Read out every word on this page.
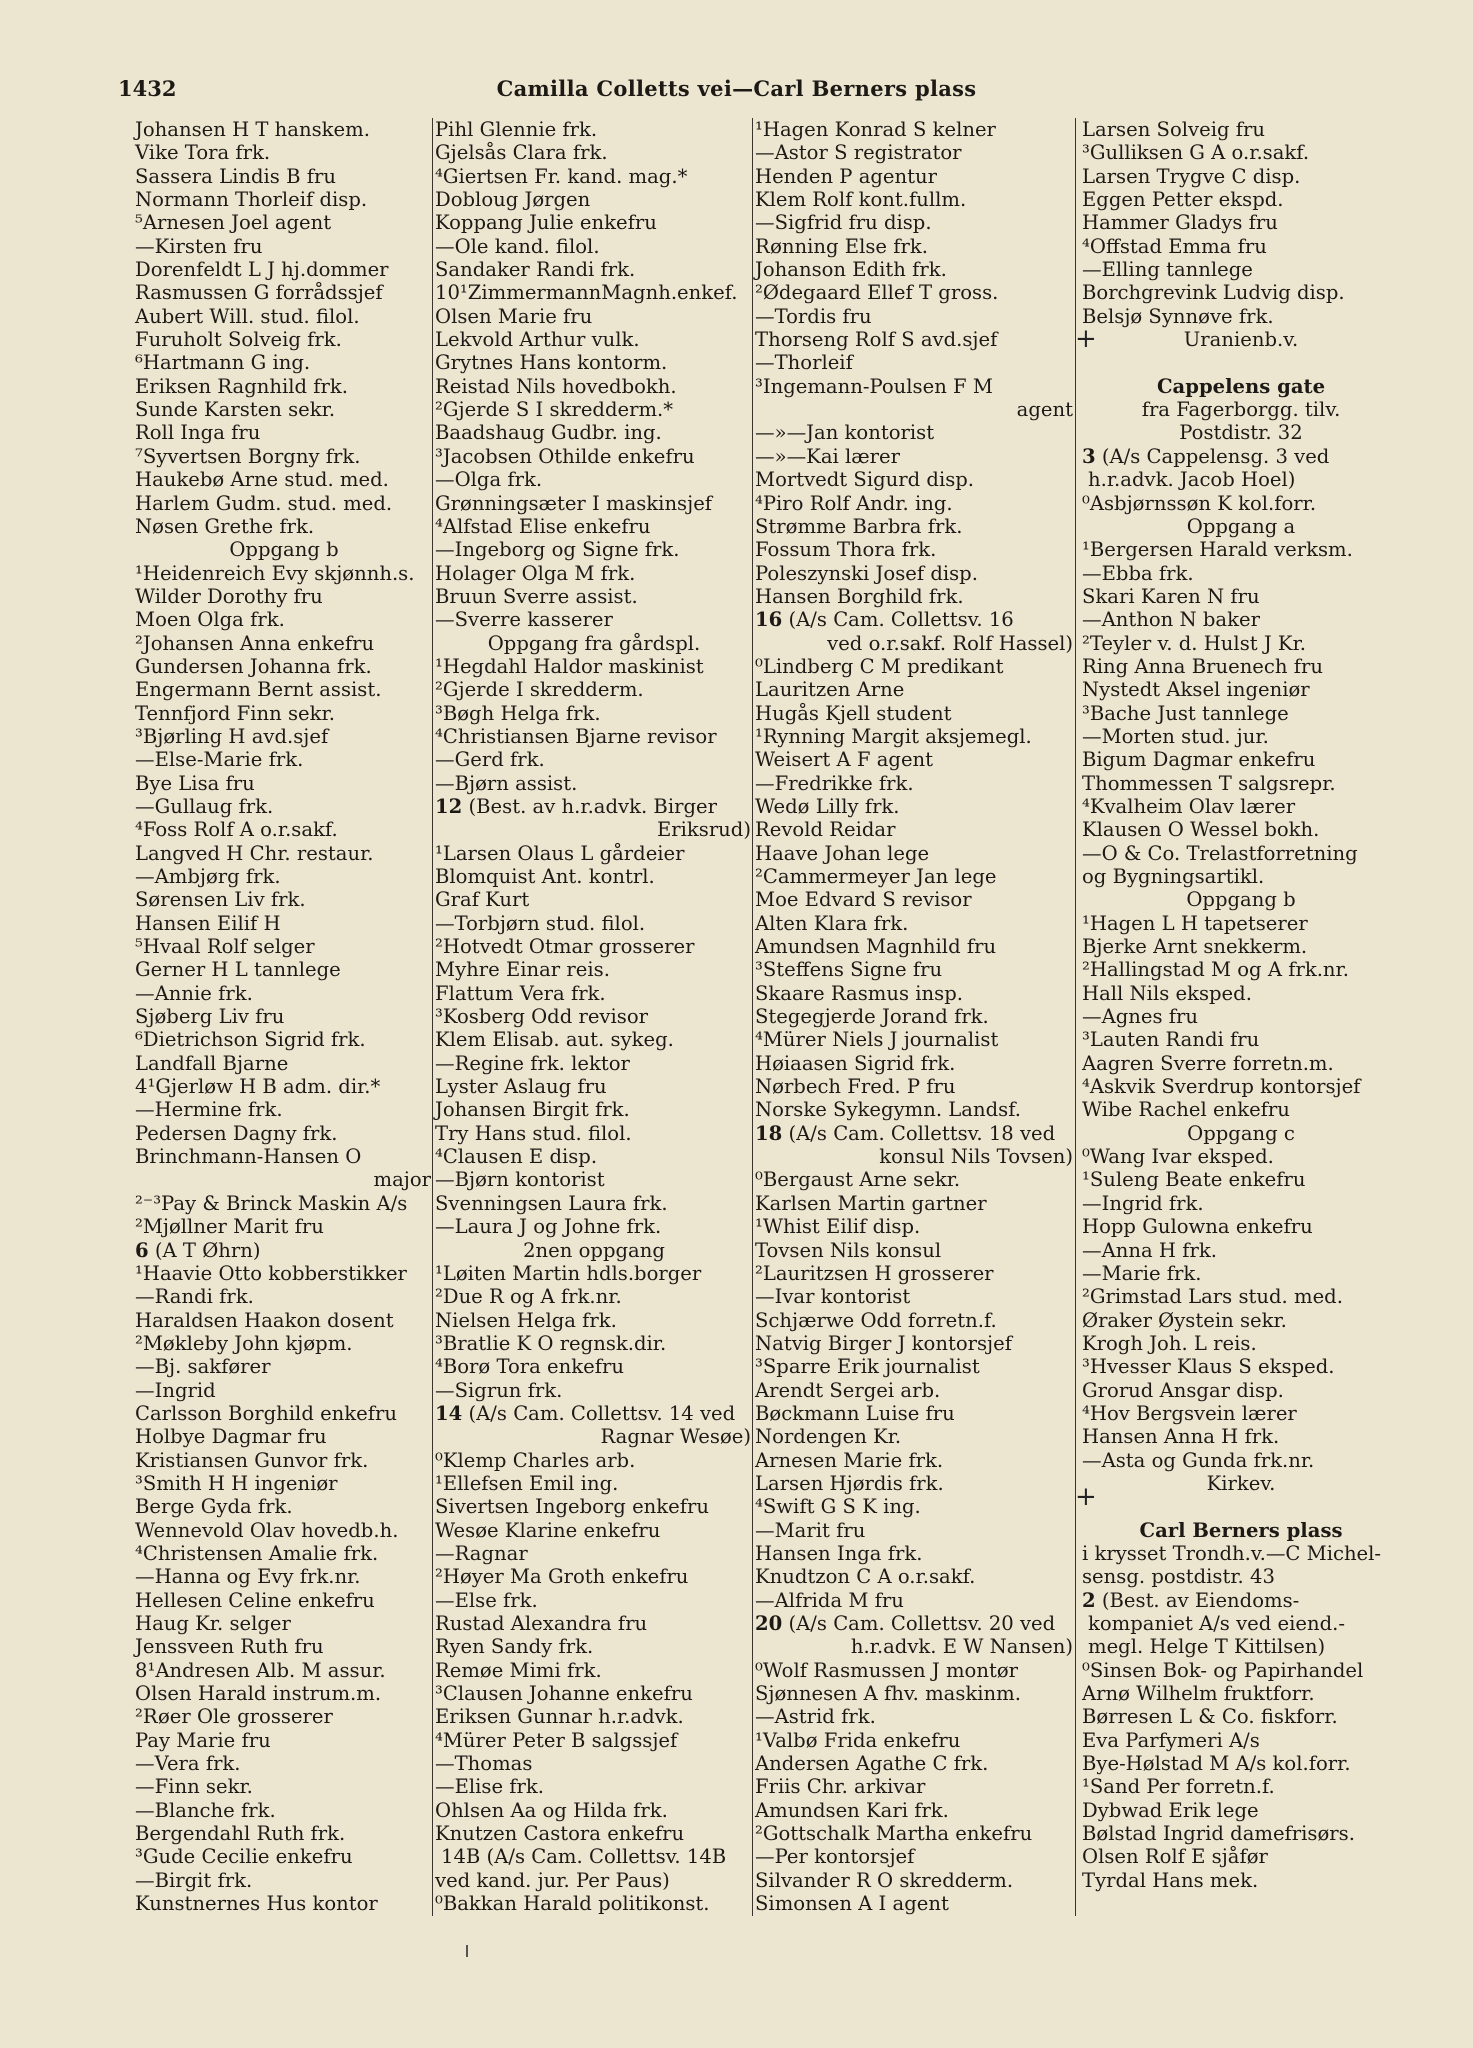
1432	Camilla Colletts vei—Carl Berners plass
Johansen H T hanskem.
Vike Tora frk.
Sassera Lindis B fru
Normann Thorleif disp.
⁵Arnesen Joel agent
—Kirsten fru
Dorenfeldt L J hj.dommer
Rasmussen G forrådssjef
Aubert Will. stud. filol.
Furuholt Solveig frk.
⁶Hartmann G ing.
Eriksen Ragnhild frk.
Sunde Karsten sekr.
Roll Inga fru
⁷Syvertsen Borgny frk.
Haukebø Arne stud. med.
Harlem Gudm. stud. med.
Nøsen Grethe frk.
Oppgang b
¹Heidenreich Evy skjønnh.s.
Wilder Dorothy fru
Moen Olga frk.
²Johansen Anna enkefru
Gundersen Johanna frk.
Engermann Bernt assist.
Tennfjord Finn sekr.
³Bjørling H avd.sjef
—Else-Marie frk.
Bye Lisa fru
—Gullaug frk.
⁴Foss Rolf A o.r.sakf.
Langved H Chr. restaur.
—Ambjørg frk.
Sørensen Liv frk.
Hansen Eilif H
⁵Hvaal Rolf selger
Gerner H L tannlege
—Annie frk.
Sjøberg Liv fru
⁶Dietrichson Sigrid frk.
Landfall Bjarne
4¹Gjerløw H B adm. dir.*
—Hermine frk.
Pedersen Dagny frk.
Brinchmann-Hansen O
major
²⁻³Pay & Brinck Maskin A/s
²Mjøllner Marit fru
6 (A T Øhrn)
¹Haavie Otto kobberstikker
—Randi frk.
Haraldsen Haakon dosent
²Møkleby John kjøpm.
—Bj. sakfører
—Ingrid
Carlsson Borghild enkefru
Holbye Dagmar fru
Kristiansen Gunvor frk.
³Smith H H ingeniør
Berge Gyda frk.
Wennevold Olav hovedb.h.
⁴Christensen Amalie frk.
—Hanna og Evy frk.nr.
Hellesen Celine enkefru
Haug Kr. selger
Jenssveen Ruth fru
8¹Andresen Alb. M assur.
Olsen Harald instrum.m.
²Røer Ole grosserer
Pay Marie fru
—Vera frk.
—Finn sekr.
—Blanche frk.
Bergendahl Ruth frk.
³Gude Cecilie enkefru
—Birgit frk.
Kunstnernes Hus kontor
Pihl Glennie frk.
Gjelsås Clara frk.
⁴Giertsen Fr. kand. mag.*
Dobloug Jørgen
Koppang Julie enkefru
—Ole kand. filol.
Sandaker Randi frk.
10¹ZimmermannMagnh.enkef.
Olsen Marie fru
Lekvold Arthur vulk.
Grytnes Hans kontorm.
Reistad Nils hovedbokh.
²Gjerde S I skredderm.*
Baadshaug Gudbr. ing.
³Jacobsen Othilde enkefru
—Olga frk.
Grønningsæter I maskinsjef
⁴Alfstad Elise enkefru
—Ingeborg og Signe frk.
Holager Olga M frk.
Bruun Sverre assist.
—Sverre kasserer
Oppgang fra gårdspl.
¹Hegdahl Haldor maskinist
²Gjerde I skredderm.
³Bøgh Helga frk.
⁴Christiansen Bjarne revisor
—Gerd frk.
—Bjørn assist.
12 (Best. av h.r.advk. Birger
Eriksrud)
¹Larsen Olaus L gårdeier
Blomquist Ant. kontrl.
Graf Kurt
—Torbjørn stud. filol.
²Hotvedt Otmar grosserer
Myhre Einar reis.
Flattum Vera frk.
³Kosberg Odd revisor
Klem Elisab. aut. sykeg.
—Regine frk. lektor
Lyster Aslaug fru
Johansen Birgit frk.
Try Hans stud. filol.
⁴Clausen E disp.
—Bjørn kontorist
Svenningsen Laura frk.
—Laura J og Johne frk.
2nen oppgang
¹Løiten Martin hdls.borger
²Due R og A frk.nr.
Nielsen Helga frk.
³Bratlie K O regnsk.dir.
⁴Borø Tora enkefru
—Sigrun frk.
14 (A/s Cam. Collettsv. 14 ved
Ragnar Wesøe)
⁰Klemp Charles arb.
¹Ellefsen Emil ing.
Sivertsen Ingeborg enkefru
Wesøe Klarine enkefru
—Ragnar
²Høyer Ma Groth enkefru
—Else frk.
Rustad Alexandra fru
Ryen Sandy frk.
Remøe Mimi frk.
³Clausen Johanne enkefru
Eriksen Gunnar h.r.advk.
⁴Mürer Peter B salgssjef
—Thomas
—Elise frk.
Ohlsen Aa og Hilda frk.
Knutzen Castora enkefru
14B (A/s Cam. Collettsv. 14B
ved kand. jur. Per Paus)
⁰Bakkan Harald politikonst.
¹Hagen Konrad S kelner
—Astor S registrator
Henden P agentur
Klem Rolf kont.fullm.
—Sigfrid fru disp.
Rønning Else frk.
Johanson Edith frk.
²Ødegaard Ellef T gross.
—Tordis fru
Thorseng Rolf S avd.sjef
—Thorleif
³Ingemann-Poulsen F M
agent
—»—Jan kontorist
—»—Kai lærer
Mortvedt Sigurd disp.
⁴Piro Rolf Andr. ing.
Strømme Barbra frk.
Fossum Thora frk.
Poleszynski Josef disp.
Hansen Borghild frk.
16 (A/s Cam. Collettsv. 16
ved o.r.sakf. Rolf Hassel)
⁰Lindberg C M predikant
Lauritzen Arne
Hugås Kjell student
¹Rynning Margit aksjemegl.
Weisert A F agent
—Fredrikke frk.
Wedø Lilly frk.
Revold Reidar
Haave Johan lege
²Cammermeyer Jan lege
Moe Edvard S revisor
Alten Klara frk.
Amundsen Magnhild fru
³Steffens Signe fru
Skaare Rasmus insp.
Stegegjerde Jorand frk.
⁴Mürer Niels J journalist
Høiaasen Sigrid frk.
Nørbech Fred. P fru
Norske Sykegymn. Landsf.
18 (A/s Cam. Collettsv. 18 ved
konsul Nils Tovsen)
⁰Bergaust Arne sekr.
Karlsen Martin gartner
¹Whist Eilif disp.
Tovsen Nils konsul
²Lauritzsen H grosserer
—Ivar kontorist
Schjærwe Odd forretn.f.
Natvig Birger J kontorsjef
³Sparre Erik journalist
Arendt Sergei arb.
Bøckmann Luise fru
Nordengen Kr.
Arnesen Marie frk.
Larsen Hjørdis frk.
⁴Swift G S K ing.
—Marit fru
Hansen Inga frk.
Knudtzon C A o.r.sakf.
—Alfrida M fru
20 (A/s Cam. Collettsv. 20 ved
h.r.advk. E W Nansen)
⁰Wolf Rasmussen J montør
Sjønnesen A fhv. maskinm.
—Astrid frk.
¹Valbø Frida enkefru
Andersen Agathe C frk.
Friis Chr. arkivar
Amundsen Kari frk.
²Gottschalk Martha enkefru
—Per kontorsjef
Silvander R O skredderm.
Simonsen A I agent
Larsen Solveig fru
³Gulliksen G A o.r.sakf.
Larsen Trygve C disp.
Eggen Petter ekspd.
Hammer Gladys fru
⁴Offstad Emma fru
—Elling tannlege
Borchgrevink Ludvig disp.
Belsjø Synnøve frk.
Uranienb.v.
Cappelens gate
fra Fagerborgg. tilv.
Postdistr. 32
3 (A/s Cappelensg. 3 ved
h.r.advk. Jacob Hoel)
⁰Asbjørnssøn K kol.forr.
Oppgang a
¹Bergersen Harald verksm.
—Ebba frk.
Skari Karen N fru
—Anthon N baker
²Teyler v. d. Hulst J Kr.
Ring Anna Bruenech fru
Nystedt Aksel ingeniør
³Bache Just tannlege
—Morten stud. jur.
Bigum Dagmar enkefru
Thommessen T salgsrepr.
⁴Kvalheim Olav lærer
Klausen O Wessel bokh.
—O & Co. Trelastforretning
og Bygningsartikl.
Oppgang b
¹Hagen L H tapetserer
Bjerke Arnt snekkerm.
²Hallingstad M og A frk.nr.
Hall Nils eksped.
—Agnes fru
³Lauten Randi fru
Aagren Sverre forretn.m.
⁴Askvik Sverdrup kontorsjef
Wibe Rachel enkefru
Oppgang c
⁰Wang Ivar eksped.
¹Suleng Beate enkefru
—Ingrid frk.
Hopp Gulowna enkefru
—Anna H frk.
—Marie frk.
²Grimstad Lars stud. med.
Øraker Øystein sekr.
Krogh Joh. L reis.
³Hvesser Klaus S eksped.
Grorud Ansgar disp.
⁴Hov Bergsvein lærer
Hansen Anna H frk.
—Asta og Gunda frk.nr.
Kirkev.
Carl Berners plass
i krysset Trondh.v.—C Michel-
sensg. postdistr. 43
2 (Best. av Eiendoms-
kompaniet A/s ved eiend.-
megl. Helge T Kittilsen)
⁰Sinsen Bok- og Papirhandel
Arnø Wilhelm fruktforr.
Børresen L & Co. fiskforr.
Eva Parfymeri A/s
Bye-Hølstad M A/s kol.forr.
¹Sand Per forretn.f.
Dybwad Erik lege
Bølstad Ingrid damefrisørs.
Olsen Rolf E sjåfør
Tyrdal Hans mek.
+
+
